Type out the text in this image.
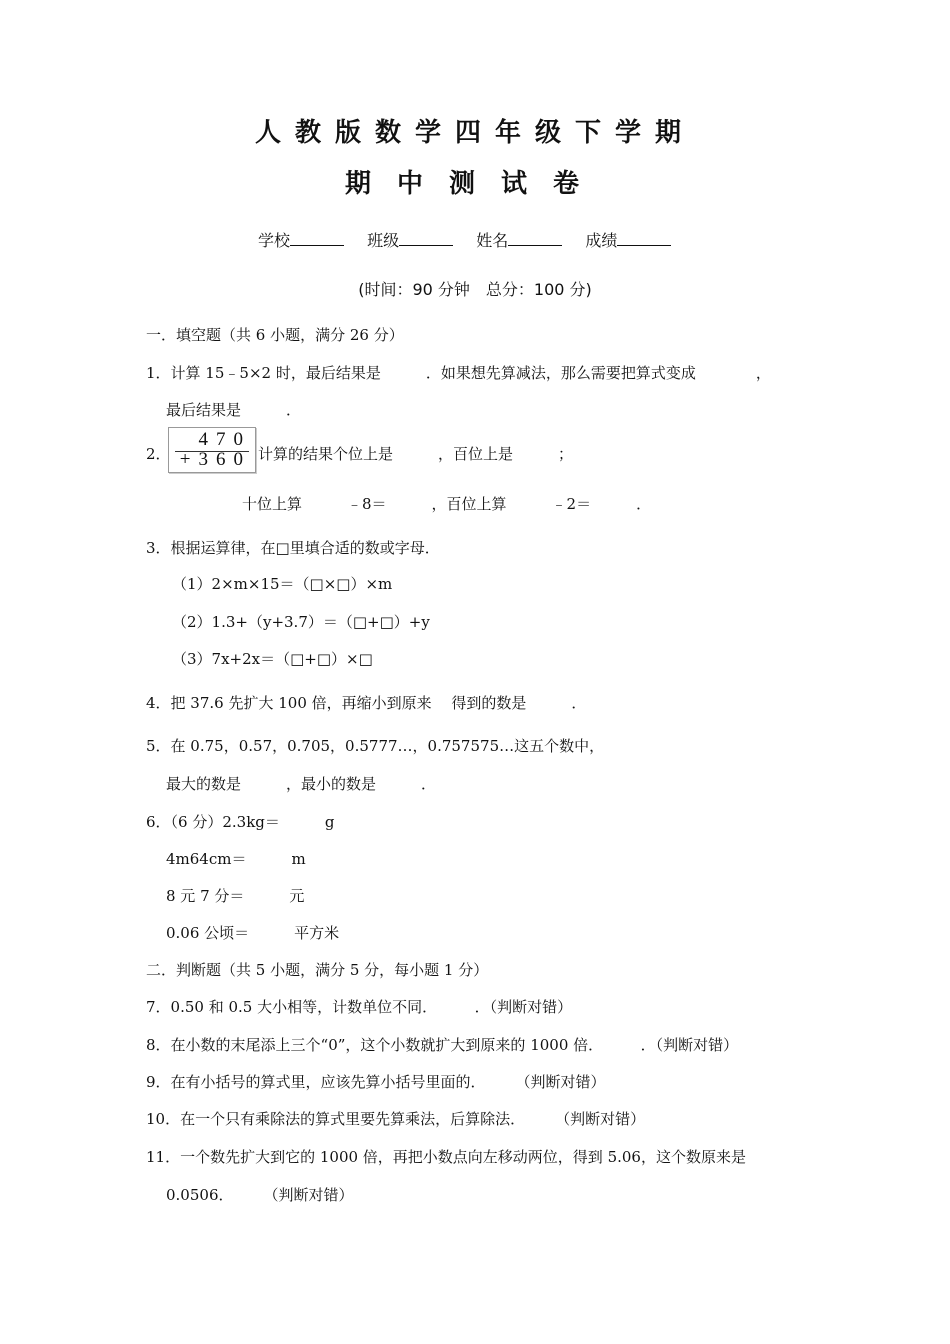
人教版数学四年级下学期
期中测试卷
学校	班级	姓名	成绩
(时间：90 分钟　总分：100 分)
一．填空题（共 6 小题，满分 26 分）
1．计算 15﹣5×2 时，最后结果是　　　．如果想先算减法，那么需要把算式变成　　　　，
最后结果是　　　．
2．
470
+360 计算的结果个位上是　　　，百位上是　　　；
十位上算　　　﹣8＝　　　，百位上算　　　﹣2＝　　　．
3．根据运算律，在□里填合适的数或字母．
（1）2×m×15＝（□×□）×m
（2）1.3+（y+3.7）＝（□+□）+y
（3）7x+2x＝（□+□）×□
4．把 37.6 先扩大 100 倍，再缩小到原来　 得到的数是　　　．
5．在 0.75，0.57，0.705，0.5777…，0.757575…这五个数中，
最大的数是　　　，最小的数是　　　．
6．（6 分）2.3kg＝　　　g
4m64cm＝　　　m
8 元 7 分＝　　　元
0.06 公顷＝　　　平方米
二．判断题（共 5 小题，满分 5 分，每小题 1 分）
7．0.50 和 0.5 大小相等，计数单位不同．　　　．（判断对错）
8．在小数的末尾添上三个“0”，这个小数就扩大到原来的 1000 倍．　　　．（判断对错）
9．在有小括号的算式里，应该先算小括号里面的．　　　（判断对错）
10．在一个只有乘除法的算式里要先算乘法，后算除法．　　　（判断对错）
11．一个数先扩大到它的 1000 倍，再把小数点向左移动两位，得到 5.06，这个数原来是
0.0506．　　　（判断对错）
